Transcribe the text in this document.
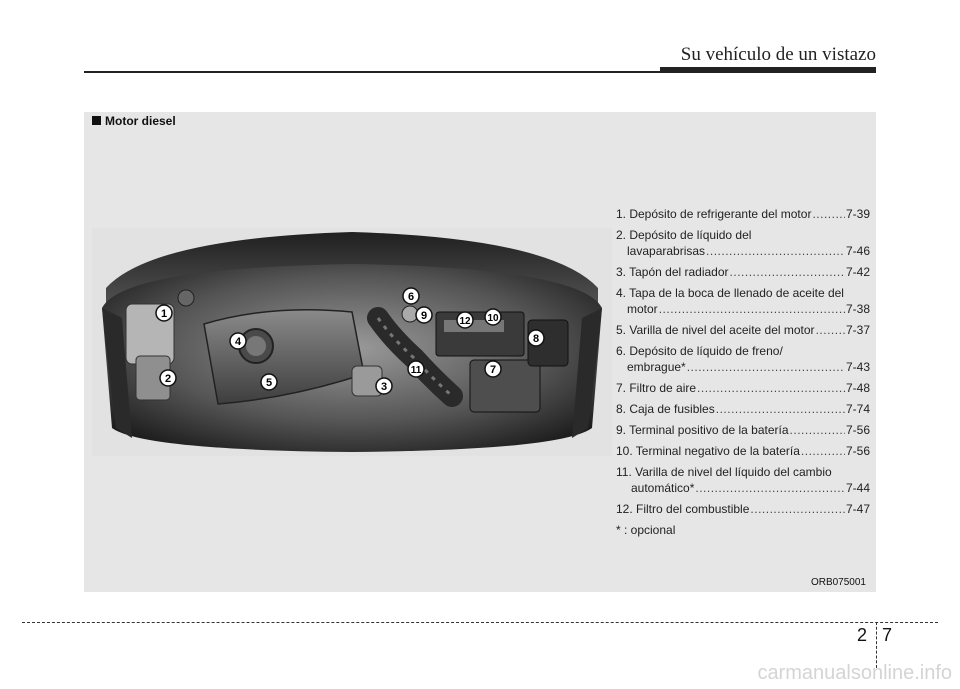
Su vehículo de un vistazo
Motor diesel
1
2
3
4
5
6
7
8
9	10
11
12
1. Depósito de refrigerante del motor .....	7-39
2. Depósito de líquido del
lavaparabrisas .....	7-46
3. Tapón del radiador .....	7-42
4. Tapa de la boca de llenado de aceite del
motor .....	7-38
5. Varilla de nivel del aceite del motor .....	7-37
6. Depósito de líquido de freno/
embrague* .....	7-43
7. Filtro de aire .....	7-48
8. Caja de fusibles .....	7-74
9. Terminal positivo de la batería .....	7-56
10. Terminal negativo de la batería .....	7-56
11. Varilla de nivel del líquido del cambio
automático* .....	7-44
12. Filtro del combustible .....	7-47
* : opcional
ORB075001
2 7
carmanualsonline.info
